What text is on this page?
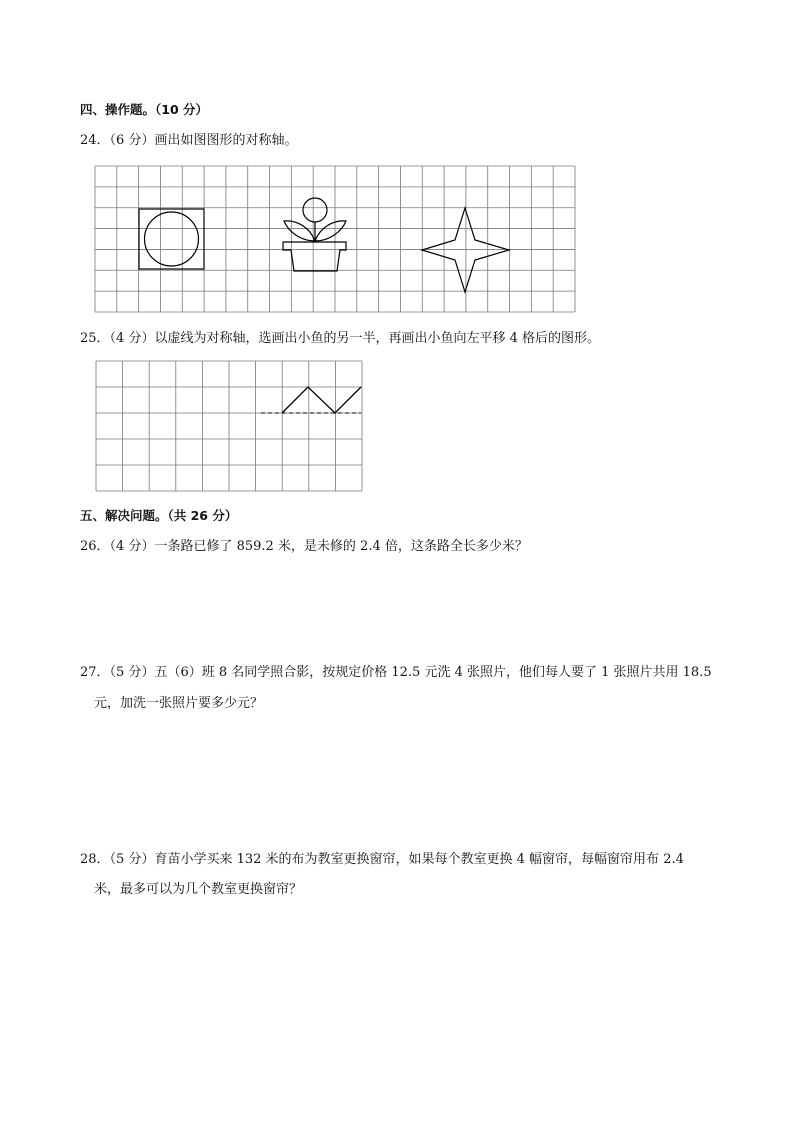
四、操作题。（10 分）
24．（6 分）画出如图图形的对称轴。
25．（4 分）以虚线为对称轴，选画出小鱼的另一半，再画出小鱼向左平移 4 格后的图形。
五、解决问题。（共 26 分）
26．（4 分）一条路已修了 859.2 米，是未修的 2.4 倍，这条路全长多少米？
27．（5 分）五（6）班 8 名同学照合影，按规定价格 12.5 元洗 4 张照片，他们每人要了 1 张照片共用 18.5
元，加洗一张照片要多少元？
28．（5 分）育苗小学买来 132 米的布为教室更换窗帘，如果每个教室更换 4 幅窗帘，每幅窗帘用布 2.4
米，最多可以为几个教室更换窗帘？
